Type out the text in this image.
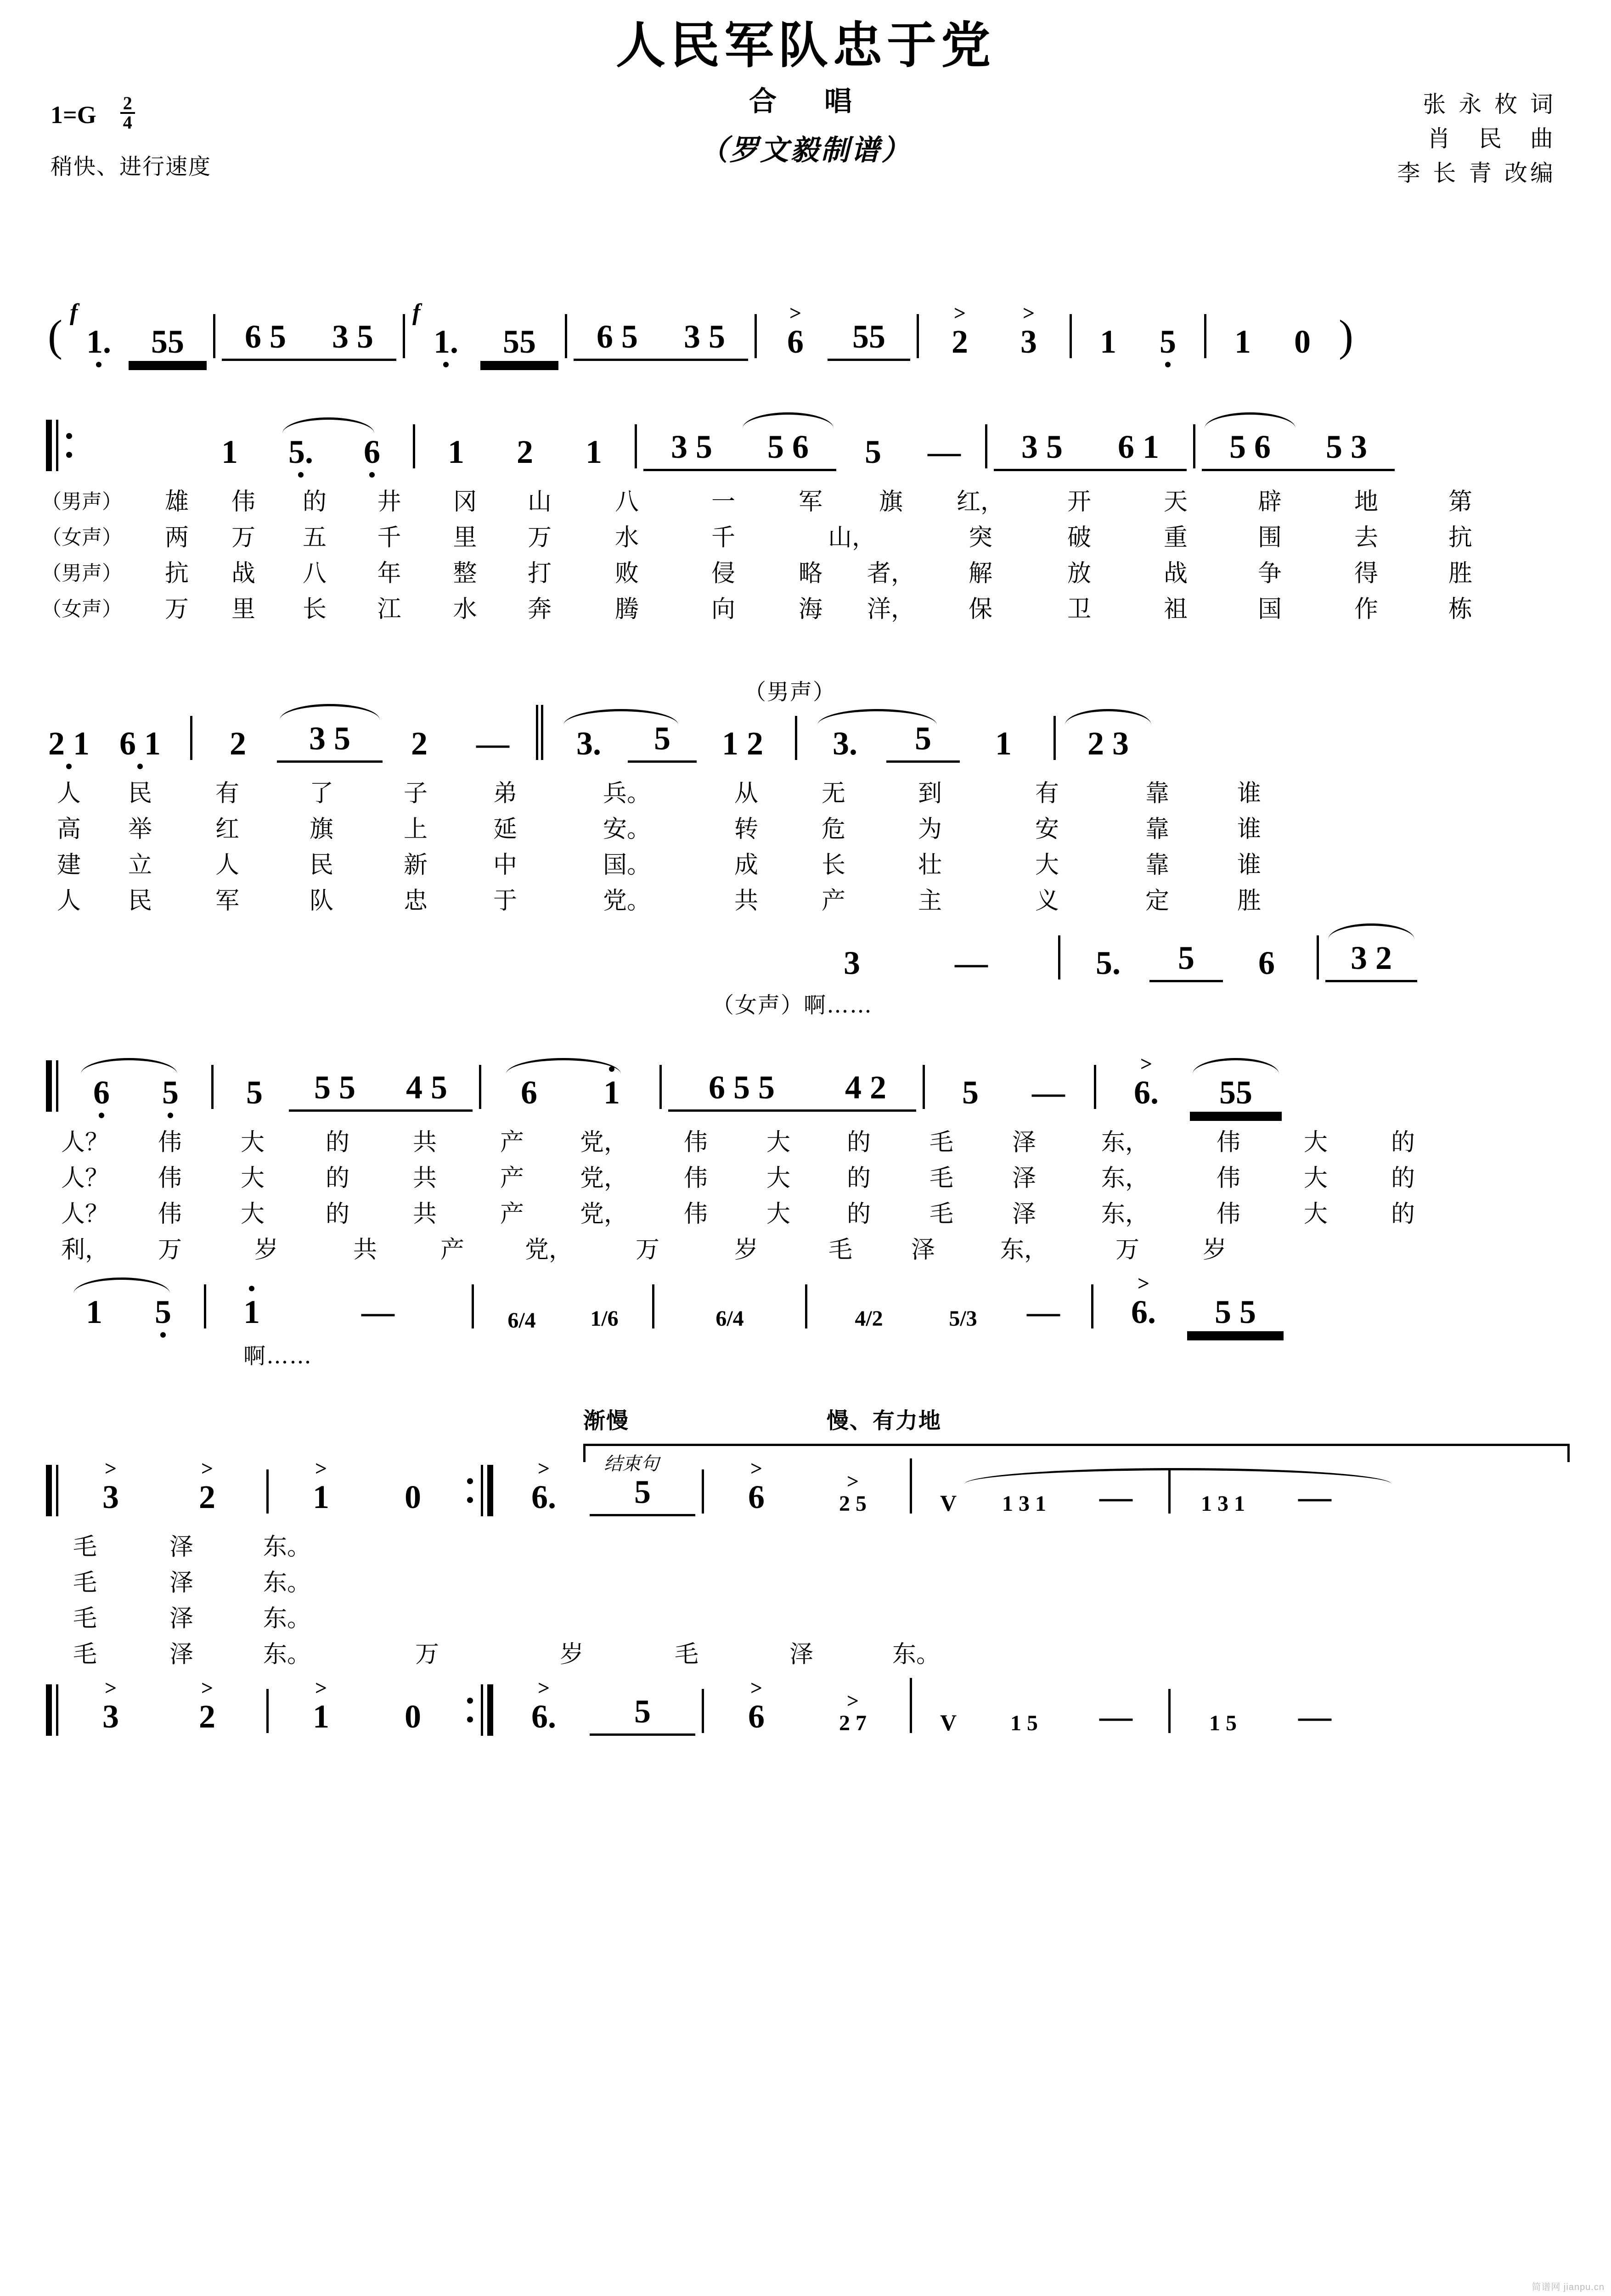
人民军队忠于党
合　唱
（罗文毅制谱）
$1=G \frac{2}{4}$
稍快、进行速度
张 永 枚 词
肖　民　曲
李 长 青 改编
( f
1.	55	6 5	3 5
f
1.	55	6 5	3 5
>
6	55
>
2
>
3	1	5	1	0 )
1	5.	6	1	2	1	3 5	5 6	5	—	3 5	6 1	5 6	5 3
（男声）	雄	伟	的	井	冈	山	八	一	军	旗	红，	开	天	辟	地	第
（女声）	两	万	五	千	里	万	水	千	山，	突	破	重	围	去	抗
（男声）	抗	战	八	年	整	打	败	侵	略	者，	解	放	战	争	得	胜
（女声）	万	里	长	江	水	奔	腾	向	海	洋，	保	卫	祖	国	作	栋
（男声）
2 1 6 1	2	3 5	2	—	3.	5	1 2	3.	5	1	2 3
人	民	有	了	子	弟	兵。	从	无	到	有	靠	谁
高	举	红	旗	上	延	安。	转	危	为	安	靠	谁
建	立	人	民	新	中	国。	成	长	壮	大	靠	谁
人	民	军	队	忠	于	党。	共	产	主	义	定	胜
3	—	5.	5	6	3 2
（女声）啊……
6	5	5	5 5	4 5	6	1	6 5 5	4 2	5	—
>
6. 55
人？	伟	大	的	共	产	党，	伟	大	的	毛	泽	东，	伟	大	的
人？	伟	大	的	共	产	党，	伟	大	的	毛	泽	东，	伟	大	的
人？	伟	大	的	共	产	党，	伟	大	的	毛	泽	东，	伟	大	的
利，	万	岁	共	产	党，	万	岁	毛	泽	东，	万	岁
1	5	1	—	6/4	1/6	6/4	4/2	5/3	—
>
6.	5 5
啊……
渐慢	慢、有力地
结束句
>
3
>
2
>
1	0
>
6.	5
>
6	>
2 5	V	1 3 1	—	1 3 1	—
毛	泽	东。
毛	泽	东。
毛	泽	东。
毛	泽	东。	万	岁	毛	泽	东。
>
3
>
2
>
1	0
>
6.	5
>
6	>
2 7	V	1 5	—	1 5	—
简谱网 jianpu.cn
